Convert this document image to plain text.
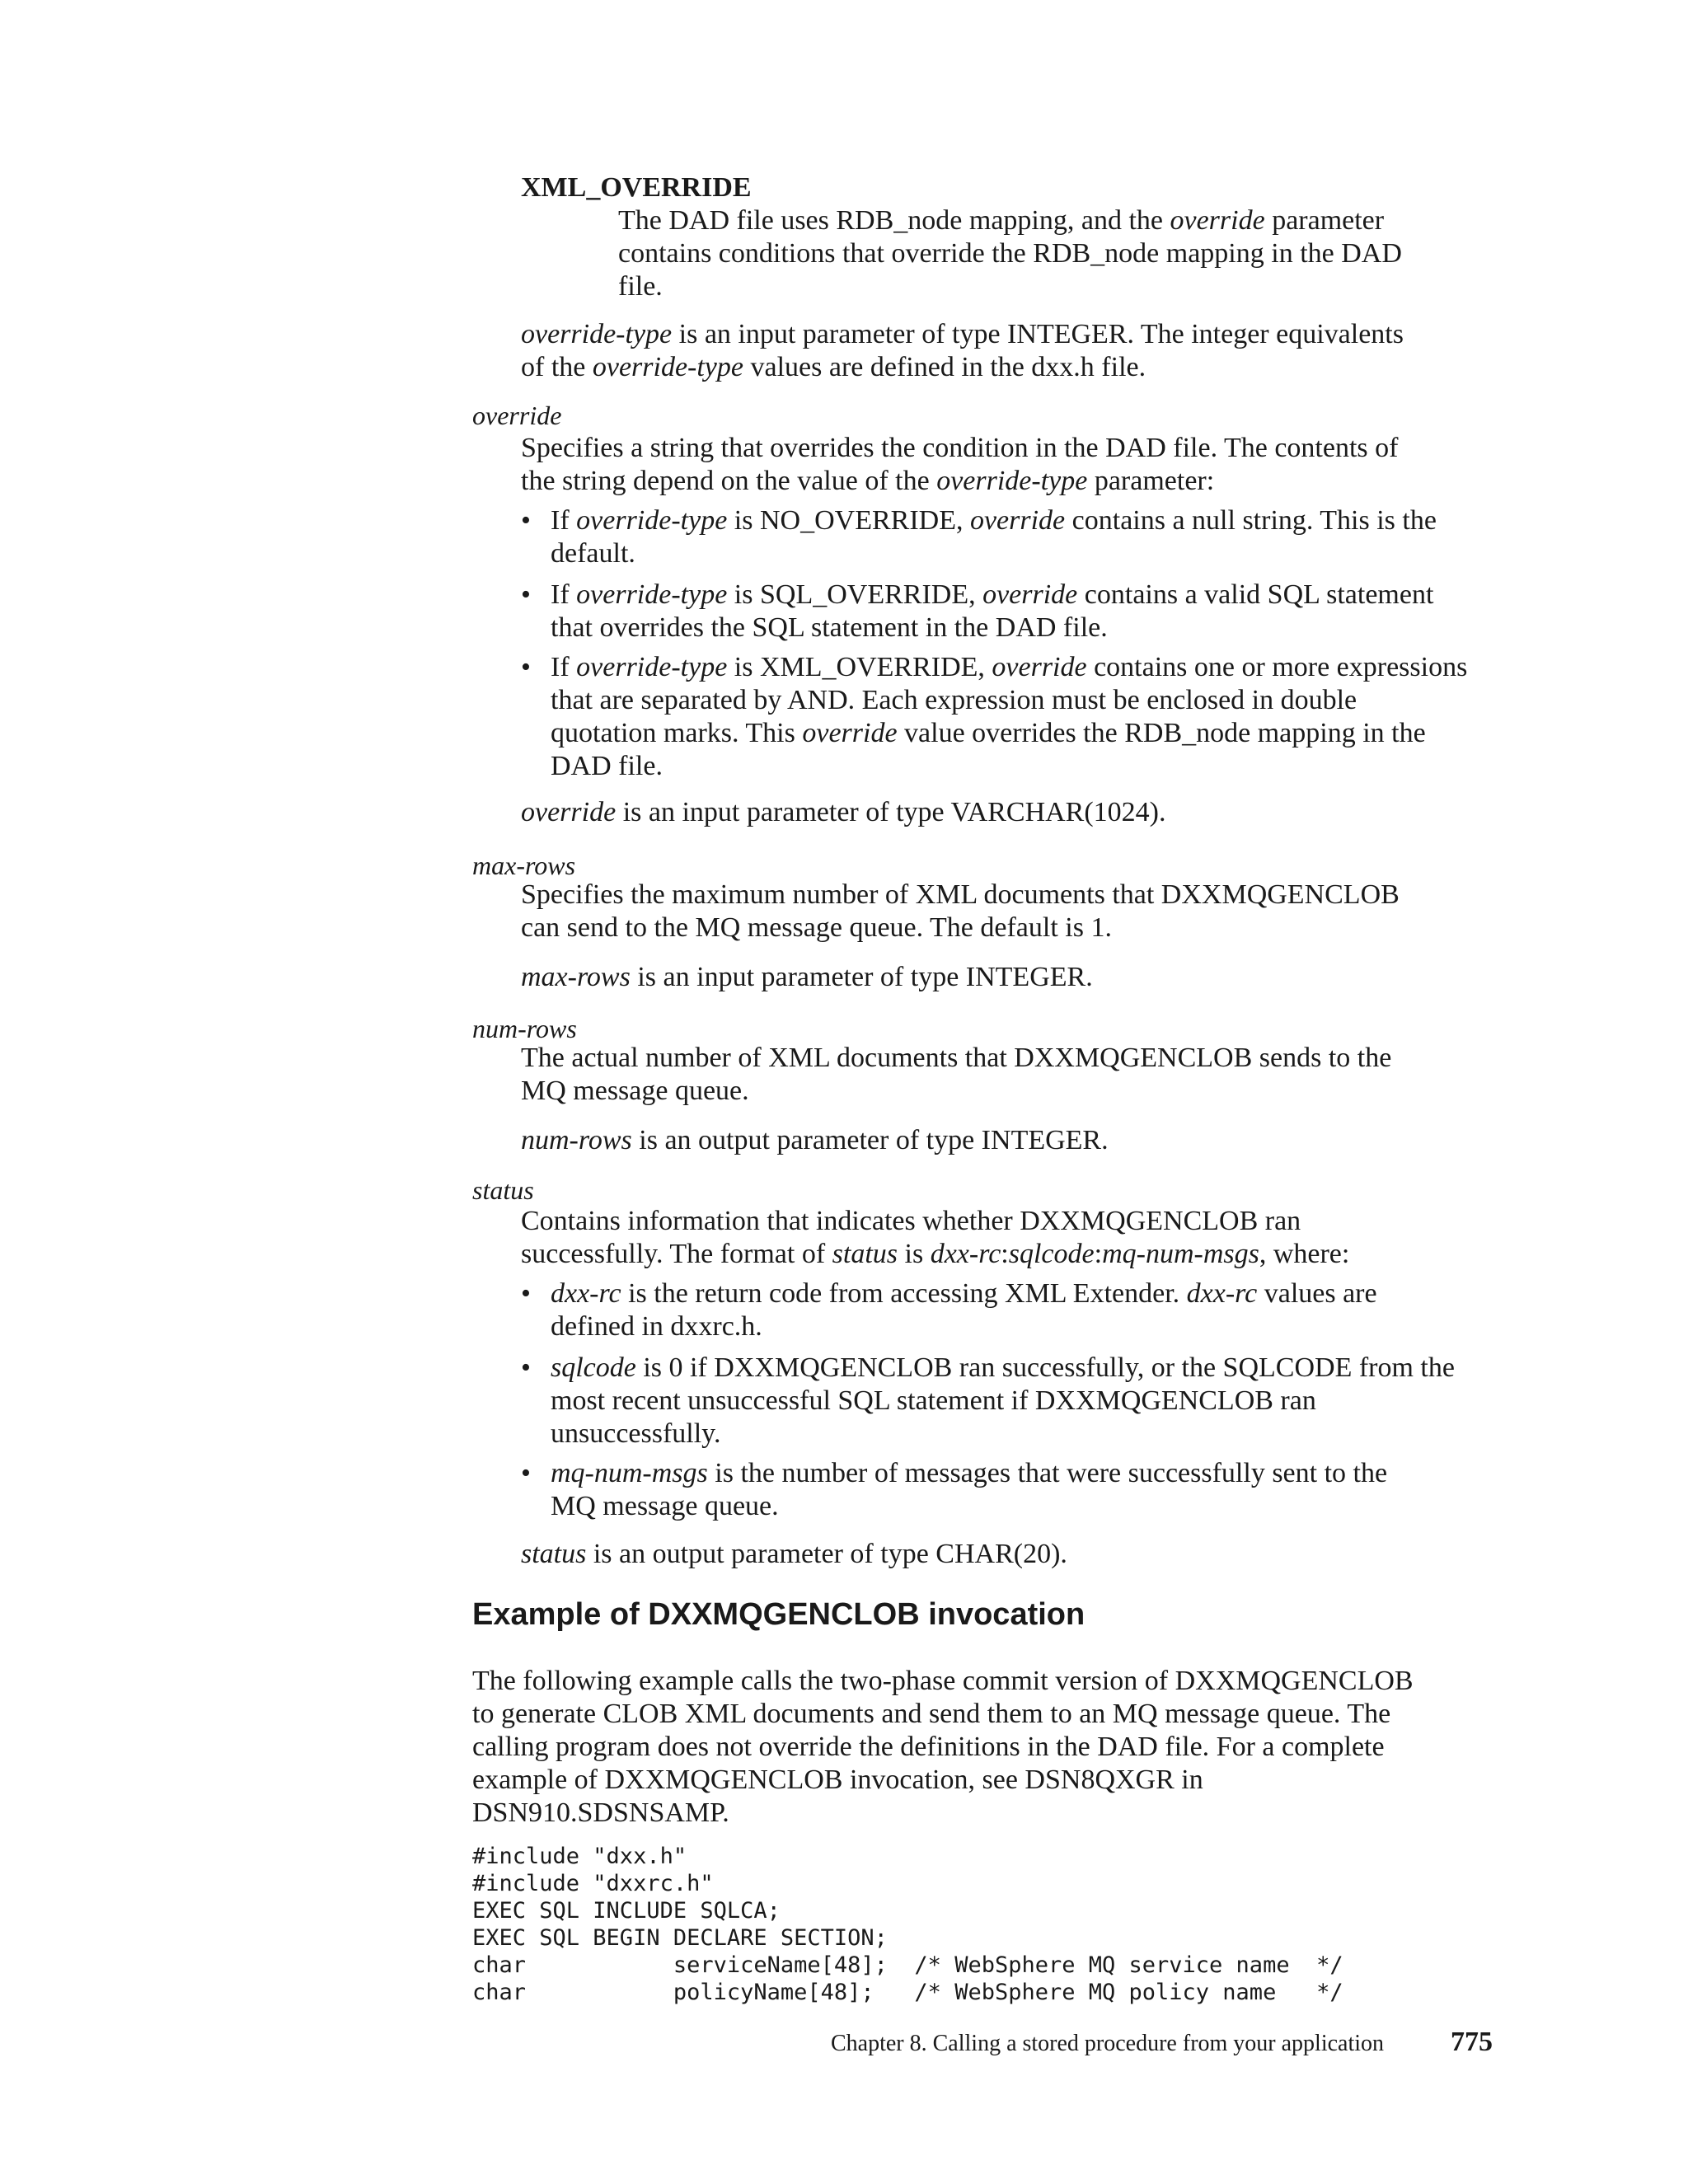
XML_OVERRIDE

The DAD file uses RDB_node mapping, and the override parameter
contains conditions that override the RDB_node mapping in the DAD
file.
override-type is an input parameter of type INTEGER. The integer equivalents
of the override-type values are defined in the dxx.h file.

override

Specifies a string that overrides the condition in the DAD file. The contents of
the string depend on the value of the override-type parameter:
• If override-type is NO_OVERRIDE, override contains a null string. This is the
default.
• If override-type is SQL_OVERRIDE, override contains a valid SQL statement
that overrides the SQL statement in the DAD file.
• If override-type is XML_OVERRIDE, override contains one or more expressions
that are separated by AND. Each expression must be enclosed in double
quotation marks. This override value overrides the RDB_node mapping in the
DAD file.
override is an input parameter of type VARCHAR(1024).

max-rows

Specifies the maximum number of XML documents that DXXMQGENCLOB
can send to the MQ message queue. The default is 1.
max-rows is an input parameter of type INTEGER.

num-rows

The actual number of XML documents that DXXMQGENCLOB sends to the
MQ message queue.
num-rows is an output parameter of type INTEGER.

status

Contains information that indicates whether DXXMQGENCLOB ran
successfully. The format of status is dxx-rc:sqlcode:mq-num-msgs, where:
• dxx-rc is the return code from accessing XML Extender. dxx-rc values are
defined in dxxrc.h.
• sqlcode is 0 if DXXMQGENCLOB ran successfully, or the SQLCODE from the
most recent unsuccessful SQL statement if DXXMQGENCLOB ran
unsuccessfully.
• mq-num-msgs is the number of messages that were successfully sent to the
MQ message queue.
status is an output parameter of type CHAR(20).
Example of DXXMQGENCLOB invocation
The following example calls the two-phase commit version of DXXMQGENCLOB
to generate CLOB XML documents and send them to an MQ message queue. The
calling program does not override the definitions in the DAD file. For a complete
example of DXXMQGENCLOB invocation, see DSN8QXGR in
DSN910.SDSNSAMP.
#include "dxx.h"
#include "dxxrc.h"
EXEC SQL INCLUDE SQLCA;
EXEC SQL BEGIN DECLARE SECTION;
char           serviceName[48];  /* WebSphere MQ service name  */
char           policyName[48];   /* WebSphere MQ policy name   */

Chapter 8. Calling a stored procedure from your application 775
